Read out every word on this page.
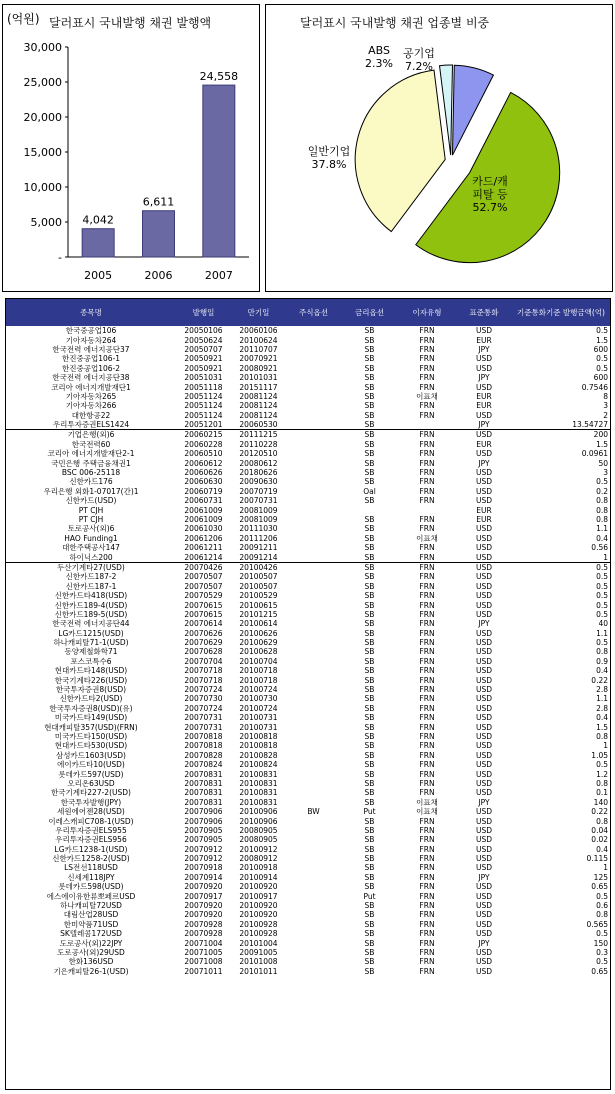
(억원) 달러표시 국내발행 채권 발행액
-
5,000
10,000
15,000
20,000
25,000
30,000
4,042
2005
6,611
2006
24,558
2007
달러표시 국내발행 채권 업종별 비중
공기업 7.2%
카드/캐 피탈 등 52.7%
일반기업 37.8%
ABS 2.3%
종목명	발행일	만기일	주식옵션	금리옵션	이자유형	표준통화	기준통화기준 발행금액(억)
한국중공업106	20050106	20060106		SB	FRN	USD	0.5
기아자동차264	20050624	20100624		SB	FRN	EUR	1.5
한국전력 에너지공단37	20050707	20110707		SB	FRN	JPY	600
한진중공업106-1	20050921	20070921		SB	FRN	USD	0.5
한진중공업106-2	20050921	20080921		SB	FRN	USD	0.5
한국전력 에너지공단38	20051031	20101031		SB	FRN	JPY	600
코리아 에너지개발재단1	20051118	20151117		SB	FRN	USD	0.7546
기아자동차265	20051124	20081124		SB	이표채	EUR	8
기아자동차266	20051124	20081124		SB	FRN	EUR	3
대한항공22	20051124	20081124		SB	FRN	USD	2
우리투자증권ELS1424	20051201	20060530		SB		JPY	13.54727
기업은행(외)6	20060215	20111215		SB	FRN	USD	200
한국전력60	20060228	20110228		SB	FRN	EUR	1.5
코리아 에너지개발재단2-1	20060510	20120510		SB	FRN	USD	0.0961
국민은행 주택금융채권1	20060612	20080612		SB	FRN	JPY	50
BSC 006-25118	20060626	20180626		SB	FRN	USD	3
신한카드176	20060630	20090630		SB	FRN	USD	0.5
우리은행 외화1-07017(간)1	20060719	20070719		Oal	FRN	USD	0.2
신한카드(USD)	20060731	20070731		SB	FRN	USD	0.8
PT CJH	20061009	20081009				EUR	0.8
PT CJH	20061009	20081009		SB	FRN	EUR	0.8
토로공사(외)6	20061030	20111030		SB	FRN	USD	1.1
HAO Funding1	20061206	20111206		SB	이표채	USD	0.4
대한주택공사147	20061211	20091211		SB	FRN	USD	0.56
하이닉스200	20061214	20091214		SB	FRN	USD	1
두산기계타27(USD)	20070426	20100426		SB	FRN	USD	0.5
신한카드187-2	20070507	20100507		SB	FRN	USD	0.5
신한카드187-1	20070507	20100507		SB	FRN	USD	0.5
신한카드타418(USD)	20070529	20100529		SB	FRN	USD	0.5
신한카드189-4(USD)	20070615	20100615		SB	FRN	USD	0.5
신한카드189-5(USD)	20070615	20101215		SB	FRN	USD	0.5
한국전력 에너지공단44	20070614	20100614		SB	FRN	JPY	40
LG카드1215(USD)	20070626	20100626		SB	FRN	USD	1.1
하나캐피탈71-1(USD)	20070629	20100629		SB	FRN	USD	0.5
동양제철화학71	20070628	20100628		SB	FRN	USD	0.8
포스코특수6	20070704	20100704		SB	FRN	USD	0.9
현대카드타148(USD)	20070718	20100718		SB	FRN	USD	0.4
한국기계타226(USD)	20070718	20100718		SB	FRN	USD	0.22
한국투자증권8(USD)	20070724	20100724		SB	FRN	USD	2.8
신한카드타2(USD)	20070730	20100730		SB	FRN	USD	1.1
한국투자증권8(USD)(유)	20070724	20100724		SB	FRN	USD	2.8
미국카드타149(USD)	20070731	20100731		SB	FRN	USD	0.4
현대캐피탈357(USD)(FRN)	20070731	20100731		SB	FRN	USD	1.5
미국카드타150(USD)	20070818	20100818		SB	FRN	USD	0.8
현대카드타530(USD)	20070818	20100818		SB	FRN	USD	1
삼성카드1603(USD)	20070828	20100828		SB	FRN	USD	1.05
에이카드타10(USD)	20070824	20100824		SB	FRN	USD	0.5
롯데카드597(USD)	20070831	20100831		SB	FRN	USD	1.2
오리온63USD	20070831	20100831		SB	FRN	USD	0.8
한국기계타227-2(USD)	20070831	20100831		SB	FRN	USD	0.1
한국투자발행(JPY)	20070831	20100831		SB	이표채	JPY	140
세원에어젠28(USD)	20070906	20100906	BW	Put	이표채	USD	0.22
이레스캐피C708-1(USD)	20070906	20100906		SB	FRN	USD	0.8
우리투자증권ELS955	20070905	20080905		SB	FRN	USD	0.04
우리투자증권ELS956	20070905	20080905		SB	FRN	USD	0.02
LG카드1238-1(USD)	20070912	20100912		SB	FRN	USD	0.4
신한카드1258-2(USD)	20070912	20080912		SB	FRN	USD	0.115
LS전선118USD	20070918	20100918		SB	FRN	USD	1
신세계118JPY	20070914	20100914		SB	FRN	JPY	125
롯데카드598(USD)	20070920	20100920		SB	FRN	USD	0.65
에스에이유한류뽀페르USD	20070917	20100917		Put	FRN	USD	0.5
하나캐피탈72USD	20070920	20100920		SB	FRN	USD	0.6
대림산업28USD	20070920	20100920		SB	FRN	USD	0.8
한미약품71USD	20070928	20100928		SB	FRN	USD	0.565
SK텔레콤172USD	20070928	20100928		SB	FRN	USD	0.5
도로공사(외)22JPY	20071004	20101004		SB	FRN	JPY	150
도로공사(외)29USD	20071005	20091005		SB	FRN	USD	0.3
한화136USD	20071008	20101008		SB	FRN	USD	0.5
기은캐피탈26-1(USD)	20071011	20101011		SB	FRN	USD	0.65
